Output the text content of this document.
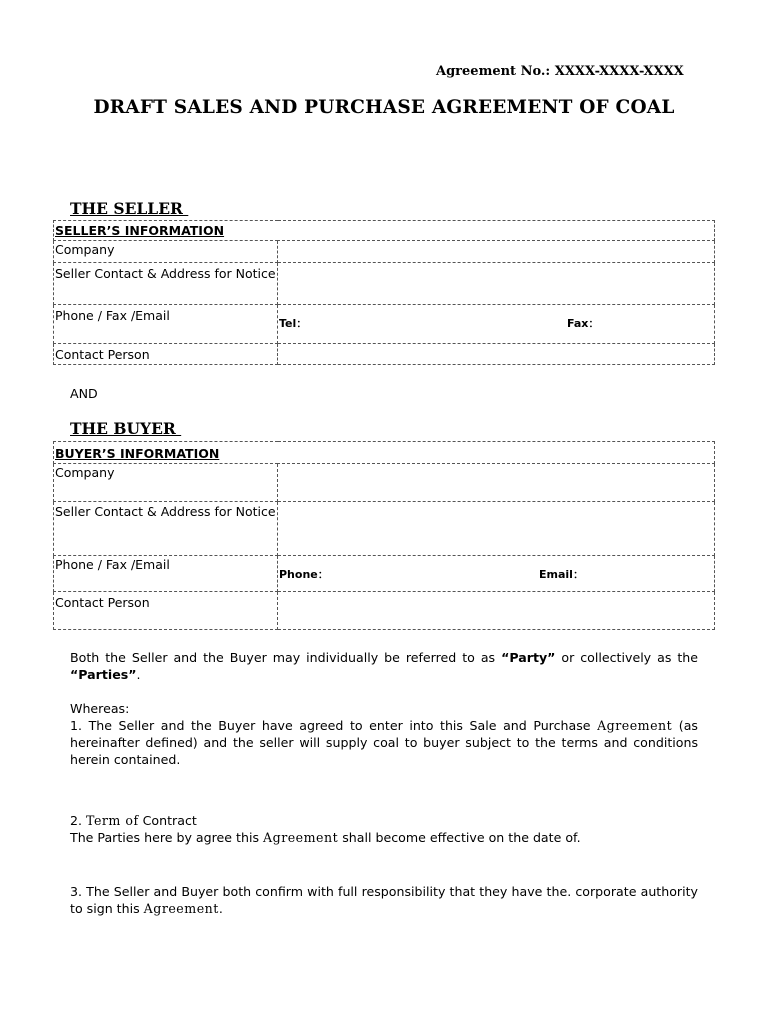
Agreement No.: XXXX-XXXX-XXXX
DRAFT SALES AND PURCHASE AGREEMENT OF COAL
THE SELLER
SELLER’S INFORMATION	
Company	
Seller Contact & Address for Notice	
Phone / Fax /Email	Tel： Fax：
Contact Person	
AND
THE BUYER
BUYER’S INFORMATION	
Company	
Seller Contact & Address for Notice	
Phone / Fax /Email	Phone： Email：
Contact Person	
Both the Seller and the Buyer may individually be referred to as “Party” or collectively as the “Parties”.
Whereas:
1. The Seller and the Buyer have agreed to enter into this Sale and Purchase Agreement (as hereinafter defined) and the seller will supply coal to buyer subject to the terms and conditions herein contained.
2. Term of Contract
The Parties here by agree this Agreement shall become effective on the date of.
3. The Seller and Buyer both confirm with full responsibility that they have the. corporate authority to sign this Agreement.
